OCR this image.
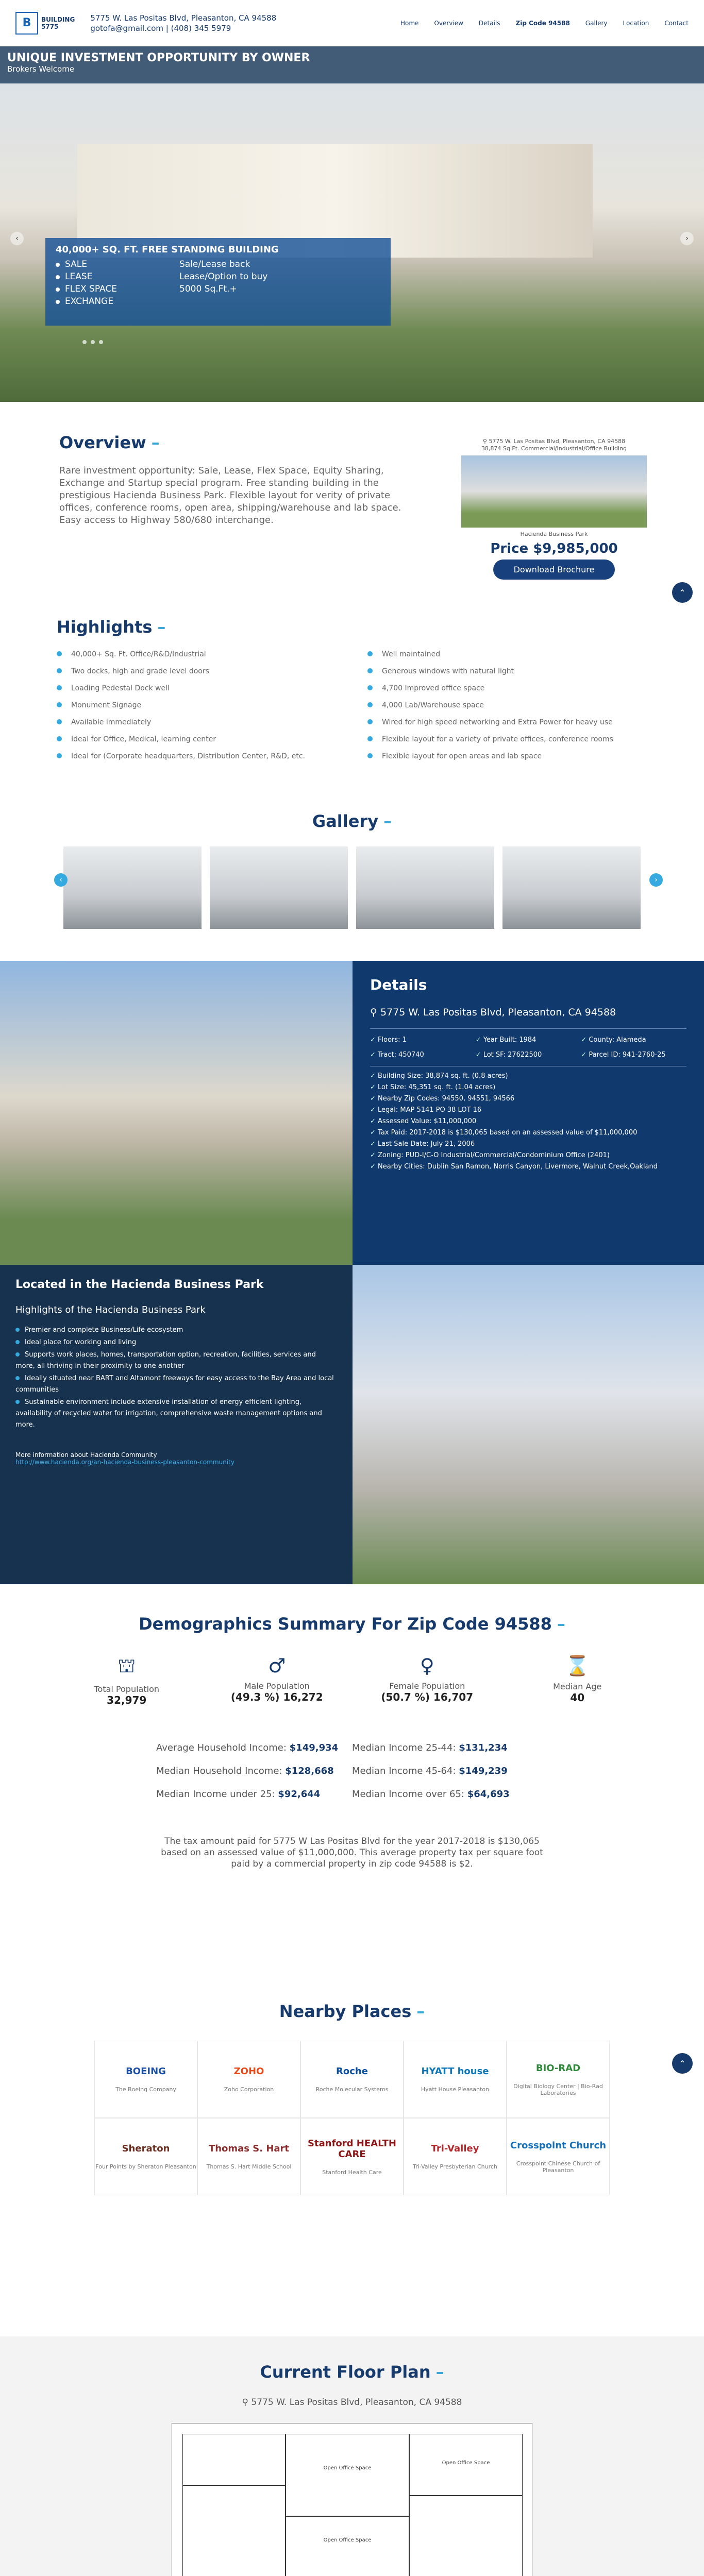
B	BUILDING
5775
5775 W. Las Positas Blvd, Pleasanton, CA 94588
gotofa@gmail.com | (408) 345 5979
Home	Overview	Details	Zip Code 94588	Gallery	Location	Contact
UNIQUE INVESTMENT OPPORTUNITY BY OWNER
Brokers Welcome
‹	›
40,000+ SQ. FT. FREE STANDING BUILDING
SALE	Sale/Lease back
LEASE	Lease/Option to buy
FLEX SPACE	5000 Sq.Ft.+
EXCHANGE
Overview –

Rare investment opportunity: Sale, Lease, Flex Space, Equity Sharing, Exchange and Startup special program. Free standing building in the prestigious Hacienda Business Park. Flexible layout for verity of private offices, conference rooms, open area, shipping/warehouse and lab space. Easy access to Highway 580/680 interchange.

⚲ 5775 W. Las Positas Blvd, Pleasanton, CA 94588
38,874 Sq.Ft. Commercial/Industrial/Office Building
Hacienda Business Park
Price $9,985,000
Download Brochure
⌃
Highlights –
40,000+ Sq. Ft. Office/R&D/Industrial	Well maintained
Two docks, high and grade level doors	Generous windows with natural light
Loading Pedestal Dock well	4,700 Improved office space
Monument Signage	4,000 Lab/Warehouse space
Available immediately	Wired for high speed networking and Extra Power for heavy use
Ideal for Office, Medical, learning center	Flexible layout for a variety of private offices, conference rooms
Ideal for (Corporate headquarters, Distribution Center, R&D, etc.	Flexible layout for open areas and lab space
Gallery –
‹	›
Details
⚲ 5775 W. Las Positas Blvd, Pleasanton, CA 94588
✓ Floors: 1	✓ Year Built: 1984	✓ County: Alameda
✓ Tract: 450740	✓ Lot SF: 27622500	✓ Parcel ID: 941-2760-25
✓ Building Size: 38,874 sq. ft. (0.8 acres)
✓ Lot Size: 45,351 sq. ft. (1.04 acres)
✓ Nearby Zip Codes: 94550, 94551, 94566
✓ Legal: MAP 5141 PO 38 LOT 16
✓ Assessed Value: $11,000,000
✓ Tax Paid: 2017-2018 is $130,065 based on an assessed value of $11,000,000
✓ Last Sale Date: July 21, 2006
✓ Zoning: PUD-I/C-O Industrial/Commercial/Condominium Office (2401)
✓ Nearby Cities: Dublin San Ramon, Norris Canyon, Livermore, Walnut Creek,Oakland
Located in the Hacienda Business Park
Highlights of the Hacienda Business Park
Premier and complete Business/Life ecosystem
Ideal place for working and living
Supports work places, homes, transportation option, recreation, facilities, services and more, all thriving in their proximity to one another
Ideally situated near BART and Altamont freeways for easy access to the Bay Area and local communities
Sustainable environment include extensive installation of energy efficient lighting, availability of recycled water for irrigation, comprehensive waste management options and more.
More information about Hacienda Community
http://www.hacienda.org/an-hacienda-business-pleasanton-community
Demographics Summary For Zip Code 94588 –
⛫
Total Population
32,979
♂
Male Population
(49.3 %) 16,272
♀
Female Population
(50.7 %) 16,707
⌛
Median Age
40
Average Household Income: $149,934	Median Income 25-44: $131,234
Median Household Income: $128,668	Median Income 45-64: $149,239
Median Income under 25: $92,644	Median Income over 65: $64,693
The tax amount paid for 5775 W Las Positas Blvd for the year 2017-2018 is $130,065 based on an assessed value of $11,000,000. This average property tax per square foot paid by a commercial property in zip code 94588 is $2.
Nearby Places –
BOEING
The Boeing Company
ZOHO
Zoho Corporation
Roche
Roche Molecular Systems
HYATT house
Hyatt House Pleasanton
BIO-RAD
Digital Biology Center | Bio-Rad Laboratories
Sheraton
Four Points by Sheraton Pleasanton
Thomas S. Hart
Thomas S. Hart Middle School
Stanford HEALTH CARE
Stanford Health Care
Tri-Valley
Tri-Valley Presbyterian Church
Crosspoint Church
Crosspoint Chinese Church of Pleasanton
⌃
Current Floor Plan –
⚲ 5775 W. Las Positas Blvd, Pleasanton, CA 94588
Open Office Space
Open Office Space
Open Office Space
